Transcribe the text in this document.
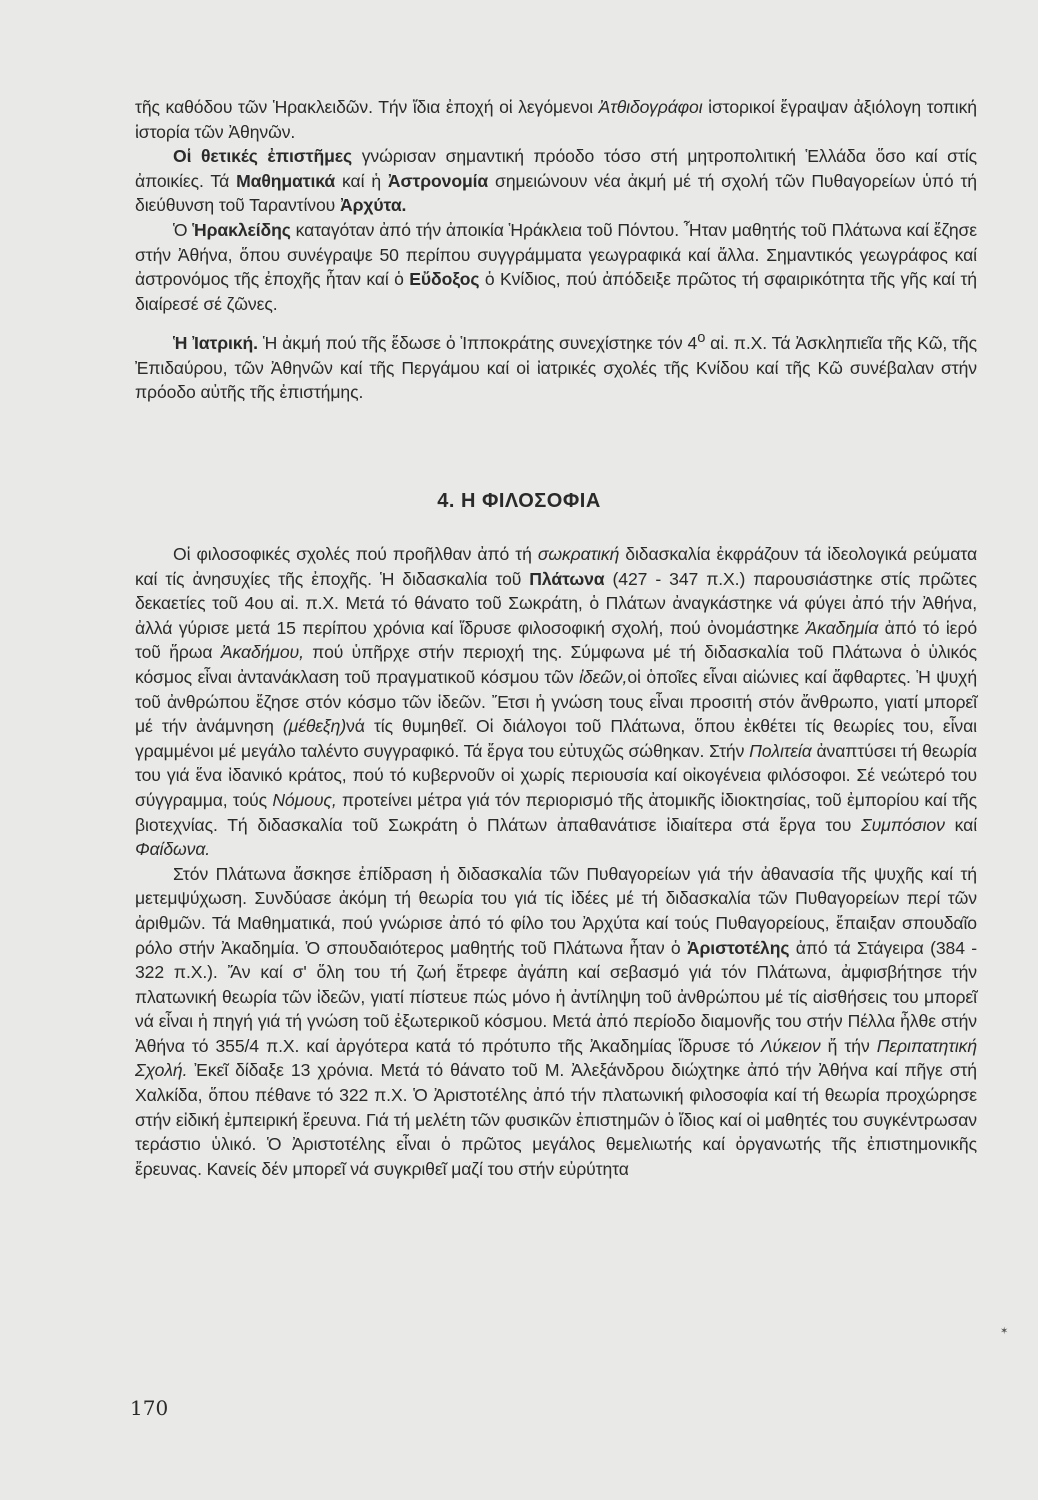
τῆς καθόδου τῶν Ἡρακλειδῶν. Τήν ἴδια ἐποχή οἱ λεγόμενοι Ἀτθιδογράφοι ἱστορικοί ἔγραψαν ἀξιόλογη τοπική ἱστορία τῶν Ἀθηνῶν.

Οἱ θετικές ἐπιστῆμες γνώρισαν σημαντική πρόοδο τόσο στή μητροπολιτική Ἑλλάδα ὅσο καί στίς ἀποικίες. Τά Μαθηματικά καί ἡ Ἀστρονομία σημειώνουν νέα ἀκμή μέ τή σχολή τῶν Πυθαγορείων ὑπό τή διεύθυνση τοῦ Ταραντίνου Ἀρχύτα.

Ὁ Ἡρακλείδης καταγόταν ἀπό τήν ἀποικία Ἡράκλεια τοῦ Πόντου. Ἦταν μαθητής τοῦ Πλάτωνα καί ἔζησε στήν Ἀθήνα, ὅπου συνέγραψε 50 περίπου συγγράμματα γεωγραφικά καί ἄλλα. Σημαντικός γεωγράφος καί ἀστρονόμος τῆς ἐποχῆς ἦταν καί ὁ Εὔδοξος ὁ Κνίδιος, πού ἀπόδειξε πρῶτος τή σφαιρικότητα τῆς γῆς καί τή διαίρεσέ σέ ζῶνες.

Ἡ Ἰατρική. Ἡ ἀκμή πού τῆς ἔδωσε ὁ Ἱπποκράτης συνεχίστηκε τόν $4^o$ αἰ. π.Χ. Τά Ἀσκληπιεῖα τῆς Κῶ, τῆς Ἐπιδαύρου, τῶν Ἀθηνῶν καί τῆς Περγάμου καί οἱ ἰατρικές σχολές τῆς Κνίδου καί τῆς Κῶ συνέβαλαν στήν πρόοδο αὐτῆς τῆς ἐπιστήμης.

4. Η ΦΙΛΟΣΟΦΙΑ

Οἱ φιλοσοφικές σχολές πού προῆλθαν ἀπό τή σωκρατική διδασκαλία ἐκφράζουν τά ἰδεολογικά ρεύματα καί τίς ἀνησυχίες τῆς ἐποχῆς. Ἡ διδασκαλία τοῦ Πλάτωνα (427 - 347 π.Χ.) παρουσιάστηκε στίς πρῶτες δεκαετίες τοῦ 4ου αἰ. π.Χ. Μετά τό θάνατο τοῦ Σωκράτη, ὁ Πλάτων ἀναγκάστηκε νά φύγει ἀπό τήν Ἀθήνα, ἀλλά γύρισε μετά 15 περίπου χρόνια καί ἵδρυσε φιλοσοφική σχολή, πού ὀνομάστηκε Ἀκαδημία ἀπό τό ἱερό τοῦ ἥρωα Ἀκαδήμου, πού ὑπῆρχε στήν περιοχή της. Σύμφωνα μέ τή διδασκαλία τοῦ Πλάτωνα ὁ ὑλικός κόσμος εἶναι ἀντανάκλαση τοῦ πραγματικοῦ κόσμου τῶν ἰδεῶν,οἱ ὁποῖες εἶναι αἰώνιες καί ἄφθαρτες. Ἡ ψυχή τοῦ ἀνθρώπου ἔζησε στόν κόσμο τῶν ἰδεῶν. Ἔτσι ἡ γνώση τους εἶναι προσιτή στόν ἄνθρωπο, γιατί μπορεῖ μέ τήν ἀνάμνηση (μέθεξη)νά τίς θυμηθεῖ. Οἱ διάλογοι τοῦ Πλάτωνα, ὅπου ἐκθέτει τίς θεωρίες του, εἶναι γραμμένοι μέ μεγάλο ταλέντο συγγραφικό. Τά ἔργα του εὐτυχῶς σώθηκαν. Στήν Πολιτεία ἀναπτύσει τή θεωρία του γιά ἕνα ἰδανικό κράτος, πού τό κυβερνοῦν οἱ χωρίς περιουσία καί οἰκογένεια φιλόσοφοι. Σέ νεώτερό του σύγγραμμα, τούς Νόμους, προτείνει μέτρα γιά τόν περιορισμό τῆς ἀτομικῆς ἰδιοκτησίας, τοῦ ἐμπορίου καί τῆς βιοτεχνίας. Τή διδασκαλία τοῦ Σωκράτη ὁ Πλάτων ἀπαθανάτισε ἰδιαίτερα στά ἔργα του Συμπόσιον καί Φαίδωνα.

Στόν Πλάτωνα ἄσκησε ἐπίδραση ἡ διδασκαλία τῶν Πυθαγορείων γιά τήν ἀθανασία τῆς ψυχῆς καί τή μετεμψύχωση. Συνδύασε ἀκόμη τή θεωρία του γιά τίς ἰδέες μέ τή διδασκαλία τῶν Πυθαγορείων περί τῶν ἀριθμῶν. Τά Μαθηματικά, πού γνώρισε ἀπό τό φίλο του Ἀρχύτα καί τούς Πυθαγορείους, ἔπαιξαν σπουδαῖο ρόλο στήν Ἀκαδημία. Ὁ σπουδαιότερος μαθητής τοῦ Πλάτωνα ἦταν ὁ Ἀριστοτέλης ἀπό τά Στάγειρα (384 - 322 π.Χ.). Ἄν καί σ' ὅλη του τή ζωή ἔτρεφε ἀγάπη καί σεβασμό γιά τόν Πλάτωνα, ἀμφισβήτησε τήν πλατωνική θεωρία τῶν ἰδεῶν, γιατί πίστευε πώς μόνο ἡ ἀντίληψη τοῦ ἀνθρώπου μέ τίς αἰσθήσεις του μπορεῖ νά εἶναι ἡ πηγή γιά τή γνώση τοῦ ἐξωτερικοῦ κόσμου. Μετά ἀπό περίοδο διαμονῆς του στήν Πέλλα ἦλθε στήν Ἀθήνα τό 355/4 π.Χ. καί ἀργότερα κατά τό πρότυπο τῆς Ἀκαδημίας ἵδρυσε τό Λύκειον ἤ τήν Περιπατητική Σχολή. Ἐκεῖ δίδαξε 13 χρόνια. Μετά τό θάνατο τοῦ Μ. Ἀλεξάνδρου διώχτηκε ἀπό τήν Ἀθήνα καί πῆγε στή Χαλκίδα, ὅπου πέθανε τό 322 π.Χ. Ὁ Ἀριστοτέλης ἀπό τήν πλατωνική φιλοσοφία καί τή θεωρία προχώρησε στήν εἰδική ἐμπειρική ἔρευνα. Γιά τή μελέτη τῶν φυσικῶν ἐπιστημῶν ὁ ἴδιος καί οἱ μαθητές του συγκέντρωσαν τεράστιο ὑλικό. Ὁ Ἀριστοτέλης εἶναι ὁ πρῶτος μεγάλος θεμελιωτής καί ὀργανωτής τῆς ἐπιστημονικῆς ἔρευνας. Κανείς δέν μπορεῖ νά συγκριθεῖ μαζί του στήν εὐρύτητα

✶
170
